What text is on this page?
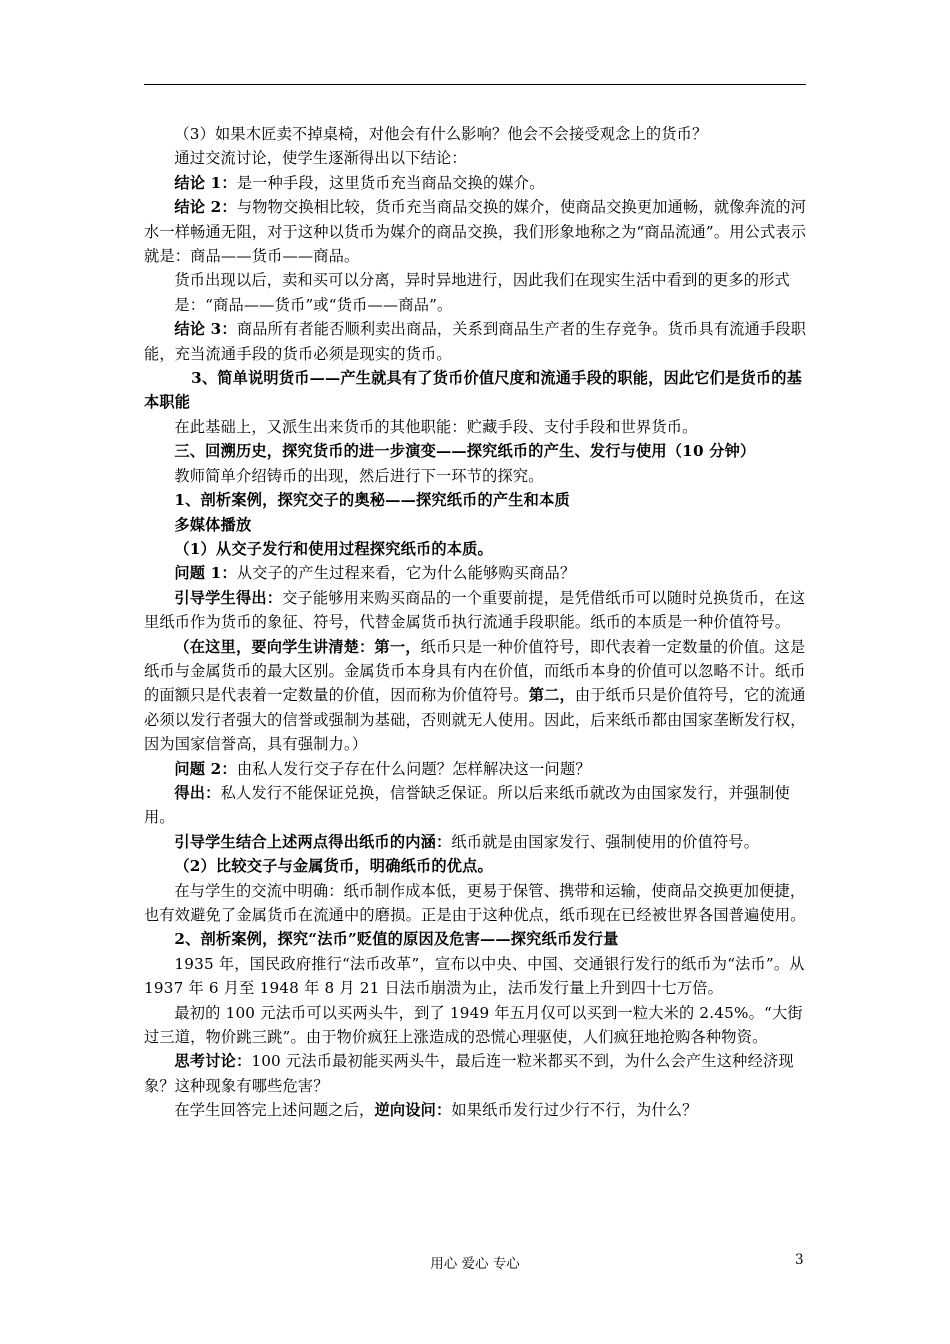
（3）如果木匠卖不掉桌椅，对他会有什么影响？他会不会接受观念上的货币？

通过交流讨论，使学生逐渐得出以下结论：

结论 1：是一种手段，这里货币充当商品交换的媒介。

结论 2：与物物交换相比较，货币充当商品交换的媒介，使商品交换更加通畅，就像奔流的河水一样畅通无阻，对于这种以货币为媒介的商品交换，我们形象地称之为“商品流通”。用公式表示就是：商品——货币——商品。

货币出现以后，卖和买可以分离，异时异地进行，因此我们在现实生活中看到的更多的形式是：“商品——货币”或“货币——商品”。

结论 3：商品所有者能否顺利卖出商品，关系到商品生产者的生存竞争。货币具有流通手段职能，充当流通手段的货币必须是现实的货币。

3、简单说明货币——产生就具有了货币价值尺度和流通手段的职能，因此它们是货币的基本职能

在此基础上，又派生出来货币的其他职能：贮藏手段、支付手段和世界货币。

三、回溯历史，探究货币的进一步演变——探究纸币的产生、发行与使用（10 分钟）

教师简单介绍铸币的出现，然后进行下一环节的探究。

1、剖析案例，探究交子的奥秘——探究纸币的产生和本质

多媒体播放

（1）从交子发行和使用过程探究纸币的本质。

问题 1：从交子的产生过程来看，它为什么能够购买商品？

引导学生得出：交子能够用来购买商品的一个重要前提，是凭借纸币可以随时兑换货币，在这里纸币作为货币的象征、符号，代替金属货币执行流通手段职能。纸币的本质是一种价值符号。

（在这里，要向学生讲清楚：第一，纸币只是一种价值符号，即代表着一定数量的价值。这是纸币与金属货币的最大区别。金属货币本身具有内在价值，而纸币本身的价值可以忽略不计。纸币的面额只是代表着一定数量的价值，因而称为价值符号。第二，由于纸币只是价值符号，它的流通必须以发行者强大的信誉或强制为基础，否则就无人使用。因此，后来纸币都由国家垄断发行权，因为国家信誉高，具有强制力。）

问题 2：由私人发行交子存在什么问题？怎样解决这一问题？

得出：私人发行不能保证兑换，信誉缺乏保证。所以后来纸币就改为由国家发行，并强制使用。

引导学生结合上述两点得出纸币的内涵：纸币就是由国家发行、强制使用的价值符号。

（2）比较交子与金属货币，明确纸币的优点。

在与学生的交流中明确：纸币制作成本低，更易于保管、携带和运输，使商品交换更加便捷，也有效避免了金属货币在流通中的磨损。正是由于这种优点，纸币现在已经被世界各国普遍使用。

2、剖析案例，探究“法币”贬值的原因及危害——探究纸币发行量

1935 年，国民政府推行“法币改革”，宣布以中央、中国、交通银行发行的纸币为“法币”。从 1937 年 6 月至 1948 年 8 月 21 日法币崩溃为止，法币发行量上升到四十七万倍。

最初的 100 元法币可以买两头牛，到了 1949 年五月仅可以买到一粒大米的 2.45%。“大街过三道，物价跳三跳”。由于物价疯狂上涨造成的恐慌心理驱使，人们疯狂地抢购各种物资。

思考讨论：100 元法币最初能买两头牛，最后连一粒米都买不到，为什么会产生这种经济现象？这种现象有哪些危害？

在学生回答完上述问题之后，逆向设问：如果纸币发行过少行不行，为什么？

用心 爱心 专心	3
